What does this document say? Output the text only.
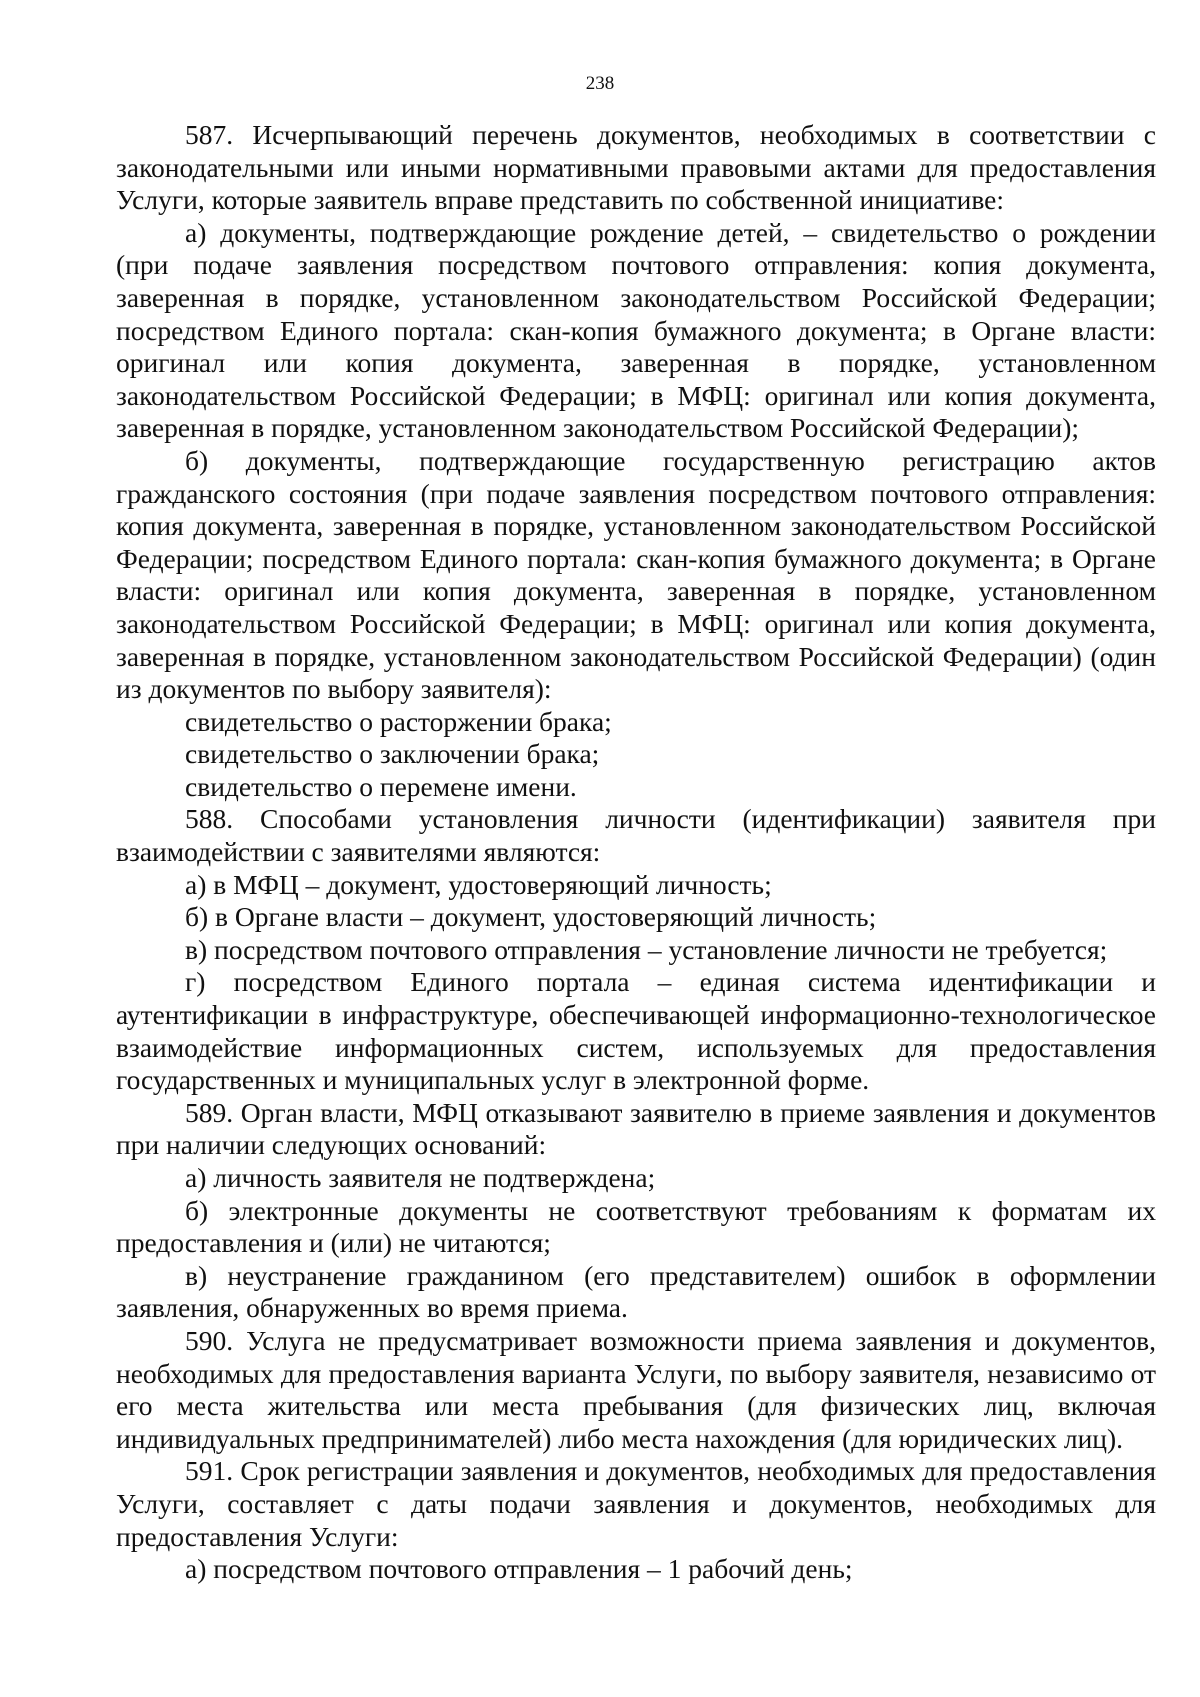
238

587. Исчерпывающий перечень документов, необходимых в соответствии с законодательными или иными нормативными правовыми актами для предоставления Услуги, которые заявитель вправе представить по собственной инициативе:

а) документы, подтверждающие рождение детей, – свидетельство о рождении (при подаче заявления посредством почтового отправления: копия документа, заверенная в порядке, установленном законодательством Российской Федерации; посредством Единого портала: скан-копия бумажного документа; в Органе власти: оригинал или копия документа, заверенная в порядке, установленном законодательством Российской Федерации; в МФЦ: оригинал или копия документа, заверенная в порядке, установленном законодательством Российской Федерации);

б) документы, подтверждающие государственную регистрацию актов гражданского состояния (при подаче заявления посредством почтового отправления: копия документа, заверенная в порядке, установленном законодательством Российской Федерации; посредством Единого портала: скан-копия бумажного документа; в Органе власти: оригинал или копия документа, заверенная в порядке, установленном законодательством Российской Федерации; в МФЦ: оригинал или копия документа, заверенная в порядке, установленном законодательством Российской Федерации) (один из документов по выбору заявителя):

свидетельство о расторжении брака;

свидетельство о заключении брака;

свидетельство о перемене имени.

588. Способами установления личности (идентификации) заявителя при взаимодействии с заявителями являются:

а) в МФЦ – документ, удостоверяющий личность;

б) в Органе власти – документ, удостоверяющий личность;

в) посредством почтового отправления – установление личности не требуется;

г) посредством Единого портала – единая система идентификации и аутентификации в инфраструктуре, обеспечивающей информационно-технологическое взаимодействие информационных систем, используемых для предоставления государственных и муниципальных услуг в электронной форме.

589. Орган власти, МФЦ отказывают заявителю в приеме заявления и документов при наличии следующих оснований:

а) личность заявителя не подтверждена;

б) электронные документы не соответствуют требованиям к форматам их предоставления и (или) не читаются;

в) неустранение гражданином (его представителем) ошибок в оформлении заявления, обнаруженных во время приема.

590. Услуга не предусматривает возможности приема заявления и документов, необходимых для предоставления варианта Услуги, по выбору заявителя, независимо от его места жительства или места пребывания (для физических лиц, включая индивидуальных предпринимателей) либо места нахождения (для юридических лиц).

591. Срок регистрации заявления и документов, необходимых для предоставления Услуги, составляет с даты подачи заявления и документов, необходимых для предоставления Услуги:

а) посредством почтового отправления – 1 рабочий день;
